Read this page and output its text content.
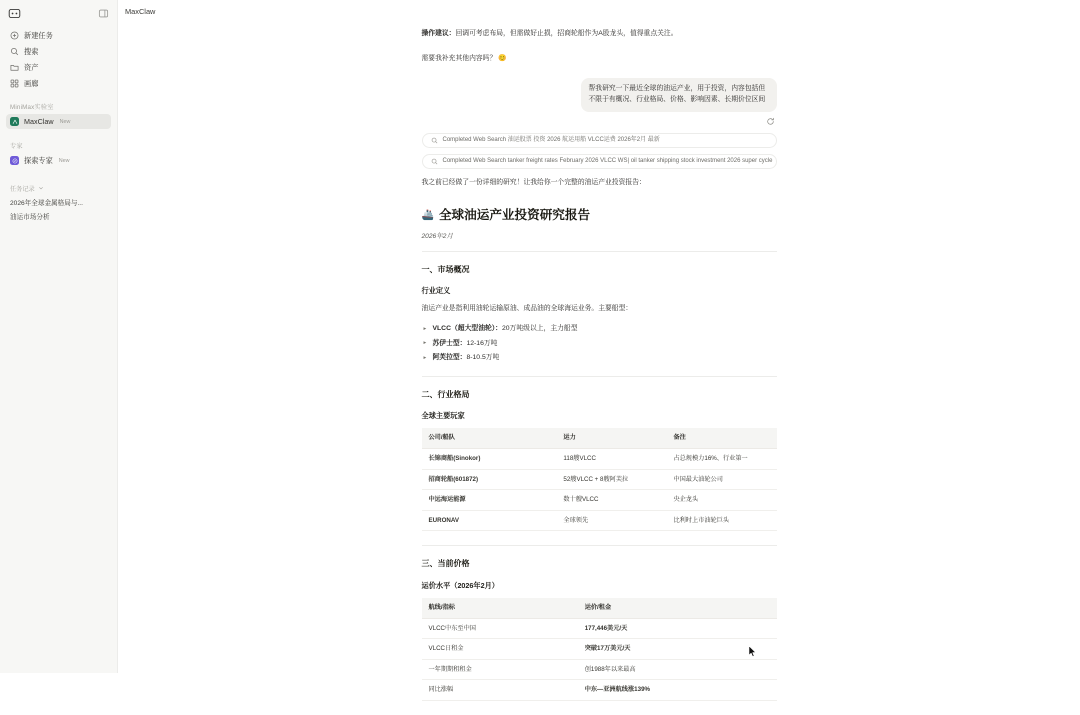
新建任务
搜索
资产
画廊
MiniMax实验室
MaxClaw New
专家
探索专家 New
任务记录
2026年全球金属格局与...
油运市场分析
MaxClaw

操作建议：回调可考虑布局，但需做好止损，招商轮船作为A股龙头，值得重点关注。

需要我补充其他内容吗？ 😊

帮我研究一下最近全球的油运产业，用于投资，内容包括但不限于有概况、行业格局、价格、影响因素、长期价位区间
Completed Web Search 油运股票 投资 2026 航运用船 VLCC运费 2026年2月 最新
Completed Web Search tanker freight rates February 2026 VLCC WS| oil tanker shipping stock investment 2026 super cycle

我之前已经做了一份详细的研究！让我给你一个完整的油运产业投资报告：

🚢 全球油运产业投资研究报告

2026年2月

一、市场概况
行业定义

油运产业是指利用油轮运输原油、成品油的全球海运业务。主要船型：

▸ VLCC（超大型油轮）：20万吨级以上，主力船型
▸ 苏伊士型：12-16万吨
▸ 阿芙拉型：8-10.5万吨
二、行业格局
全球主要玩家
公司/船队	运力	备注
长锦商船(Sinokor)	118艘VLCC	占总规模力16%、行业第一
招商轮船(601872)	52艘VLCC + 8艘阿芙拉	中国最大油轮公司
中远海运能源	数十艘VLCC	央企龙头
EURONAV	全球领先	比利时上市油轮巨头
三、当前价格
运价水平（2026年2月）
航线/指标	运价/租金
VLCC中东至中国	177,446美元/天
VLCC日租金	突破17万美元/天
一年期期租租金	创1988年以来最高
同比涨幅	中东—亚洲航线涨139%
